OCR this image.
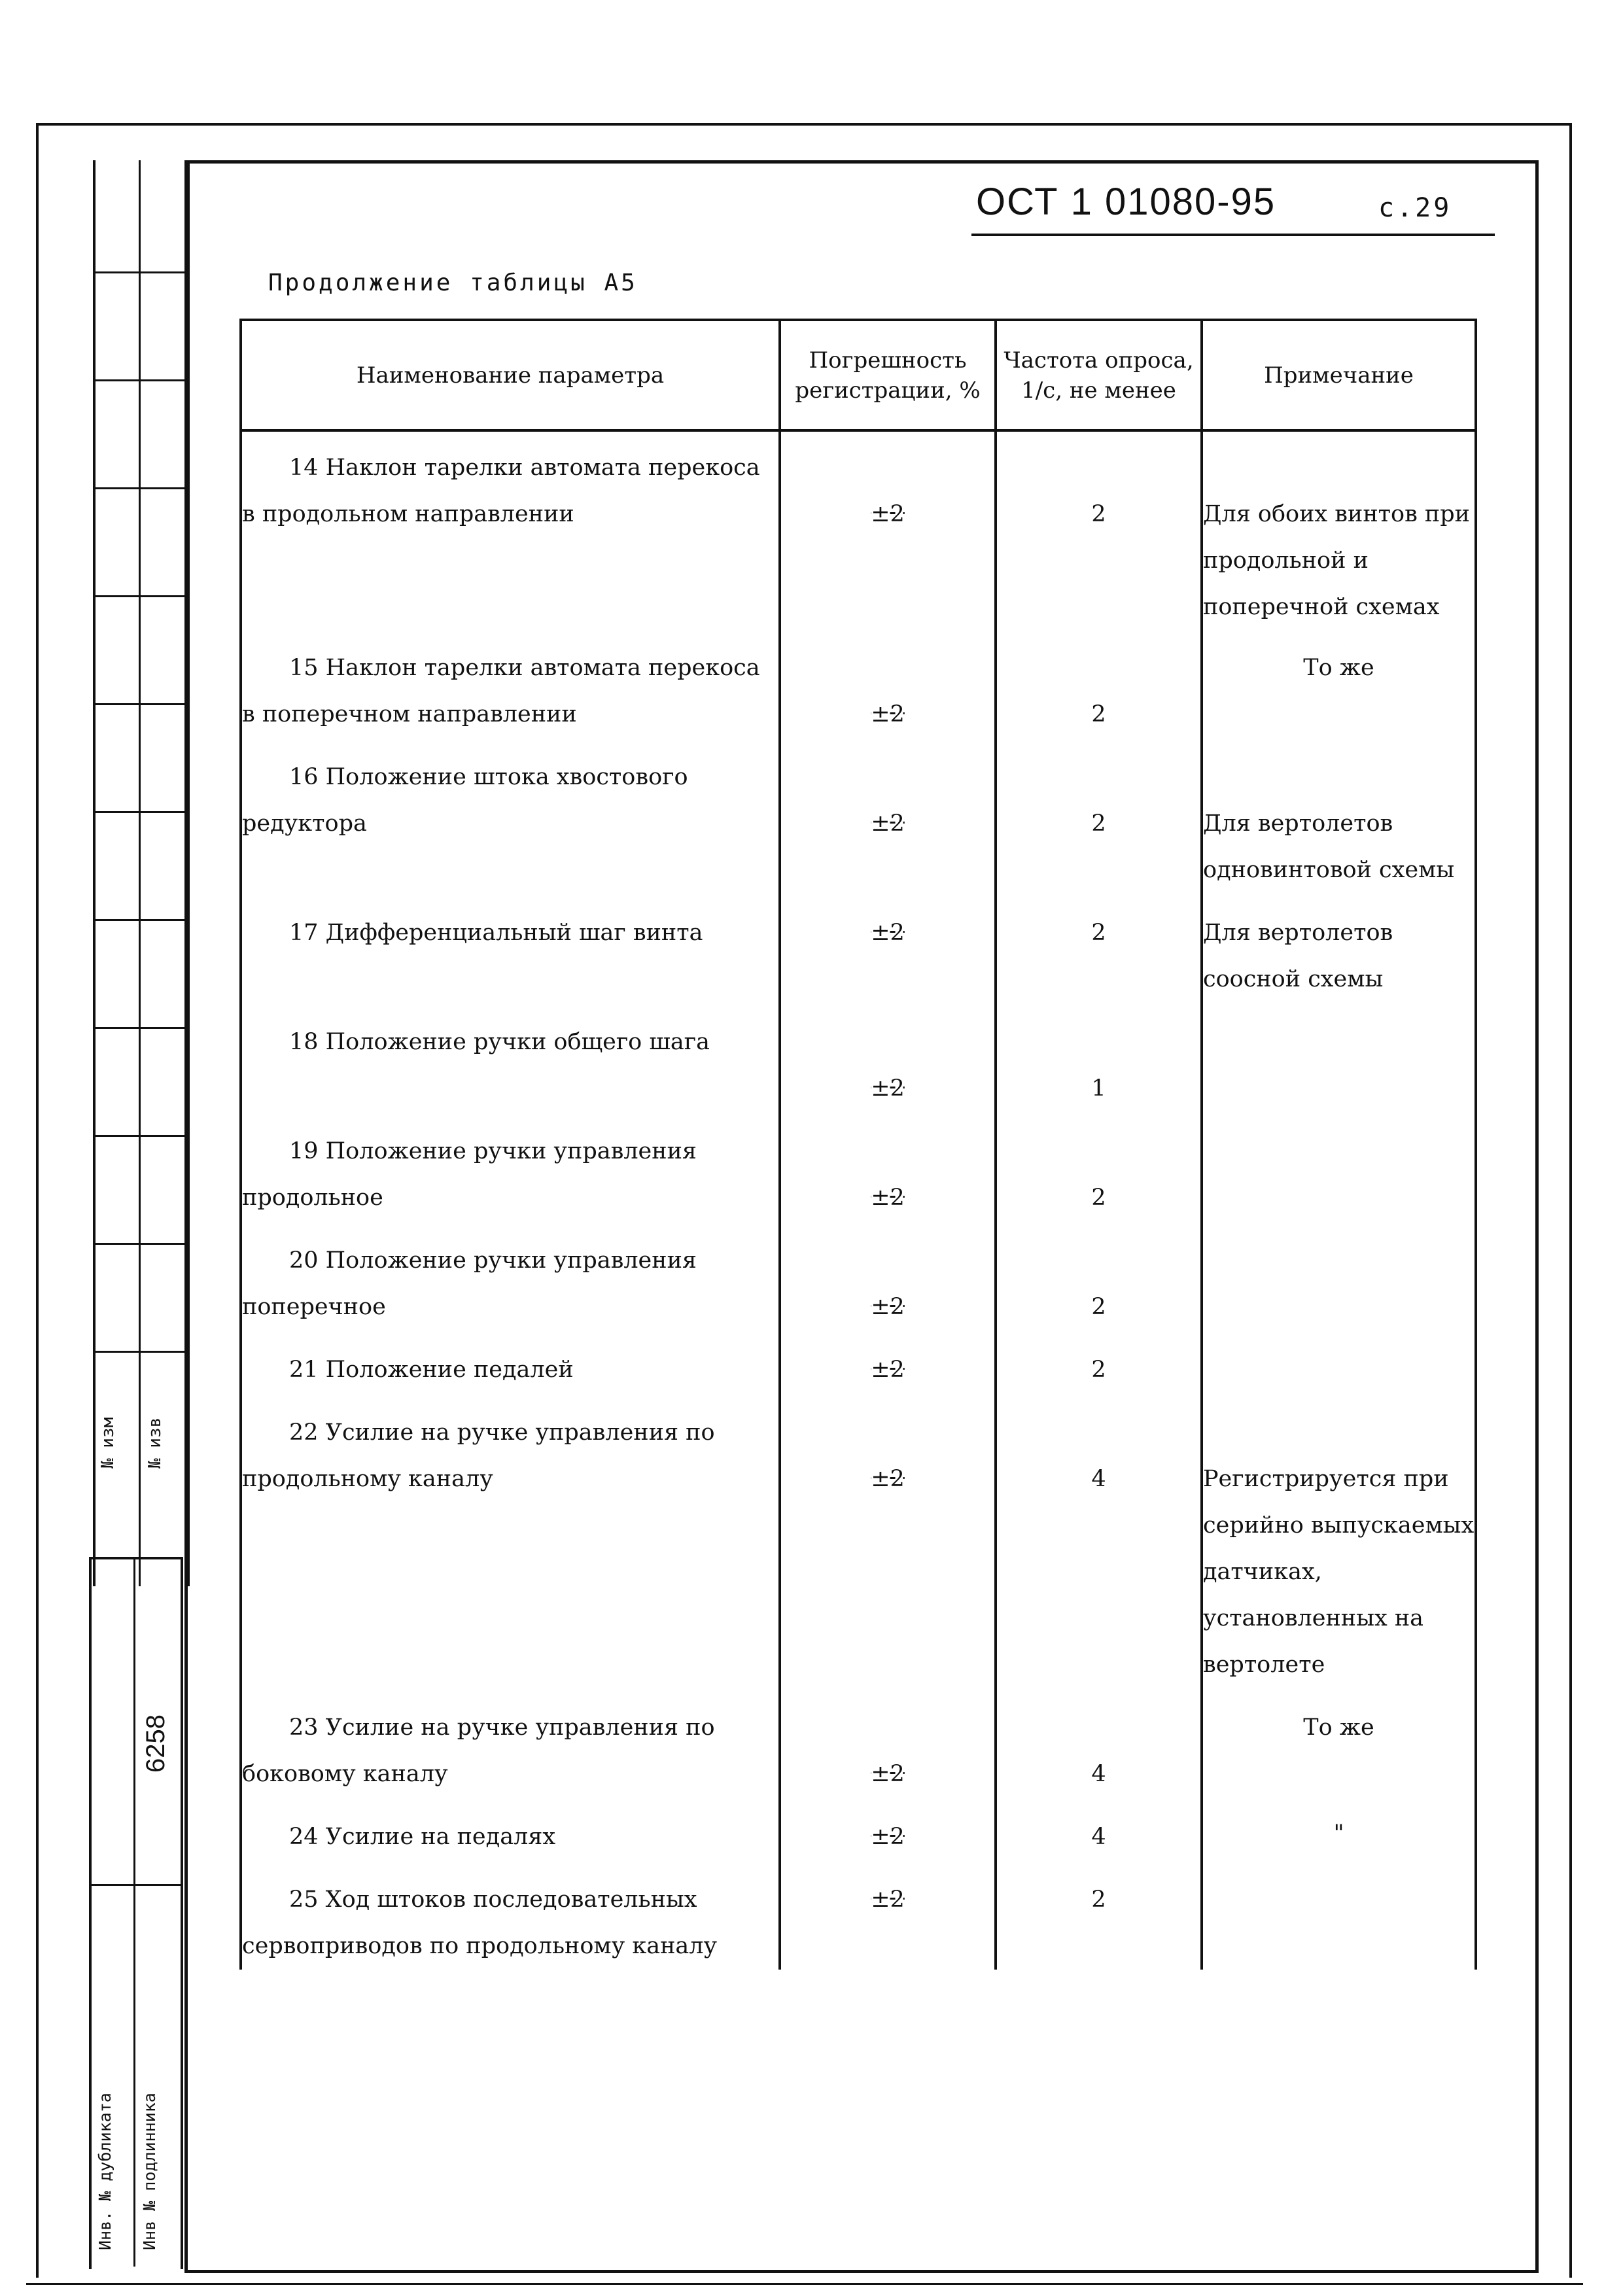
№ изм № изв
6258
Инв. № дубликата Инв № подлинника
ОСТ 1 01080-95	с.29
Продолжение таблицы А5
Наименование параметра	Погрешность регистрации, %	Частота опроса, 1/с, не менее	Примечание
14 Наклон тарелки автомата перекоса в продольном направлении	±2	2	Для обоих винтов при продольной и поперечной схемах
15 Наклон тарелки автомата перекоса в поперечном направлении	±2	2	То же
16 Положение штока хвостового редуктора	±2	2	Для вертолетов одновинтовой схемы
17 Дифференциальный шаг винта	±2	2	Для вертолетов соосной схемы
18 Положение ручки общего шага	±2	1	
19 Положение ручки управления продольное	±2	2	
20 Положение ручки управления поперечное	±2	2	
21 Положение педалей	±2	2	
22 Усилие на ручке управления по продольному каналу	±2	4	Регистрируется при серийно выпускаемых датчиках, установленных на вертолете
23 Усилие на ручке управления по боковому каналу	±2	4	То же
24 Усилие на педалях	±2	4	"
25 Ход штоков последовательных сервоприводов по продольному каналу	±2	2	
